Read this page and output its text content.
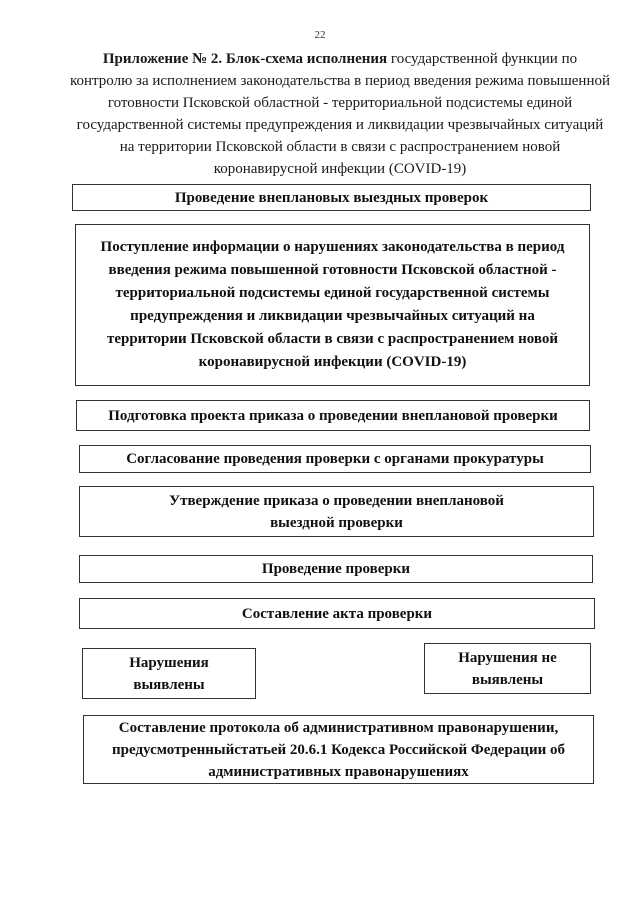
22
Приложение № 2. Блок-схема исполнения государственной функции по контролю за исполнением законодательства в период введения режима повышенной готовности Псковской областной - территориальной подсистемы единой государственной системы предупреждения и ликвидации чрезвычайных ситуаций на территории Псковской области в связи с распространением новой коронавирусной инфекции (COVID-19)
Проведение внеплановых выездных проверок
Поступление информации о нарушениях законодательства в период введения режима повышенной готовности Псковской областной - территориальной подсистемы единой государственной системы предупреждения и ликвидации чрезвычайных ситуаций на территории Псковской области в связи с распространением новой коронавирусной инфекции (COVID-19)
Подготовка проекта приказа о проведении внеплановой проверки
Согласование проведения проверки с органами прокуратуры
Утверждение приказа о проведении внеплановой выездной проверки
Проведение проверки
Составление акта проверки
Нарушения выявлены
Нарушения не выявлены
Составление протокола об административном правонарушении, предусмотренныйстатьей 20.6.1 Кодекса Российской Федерации об административных правонарушениях
